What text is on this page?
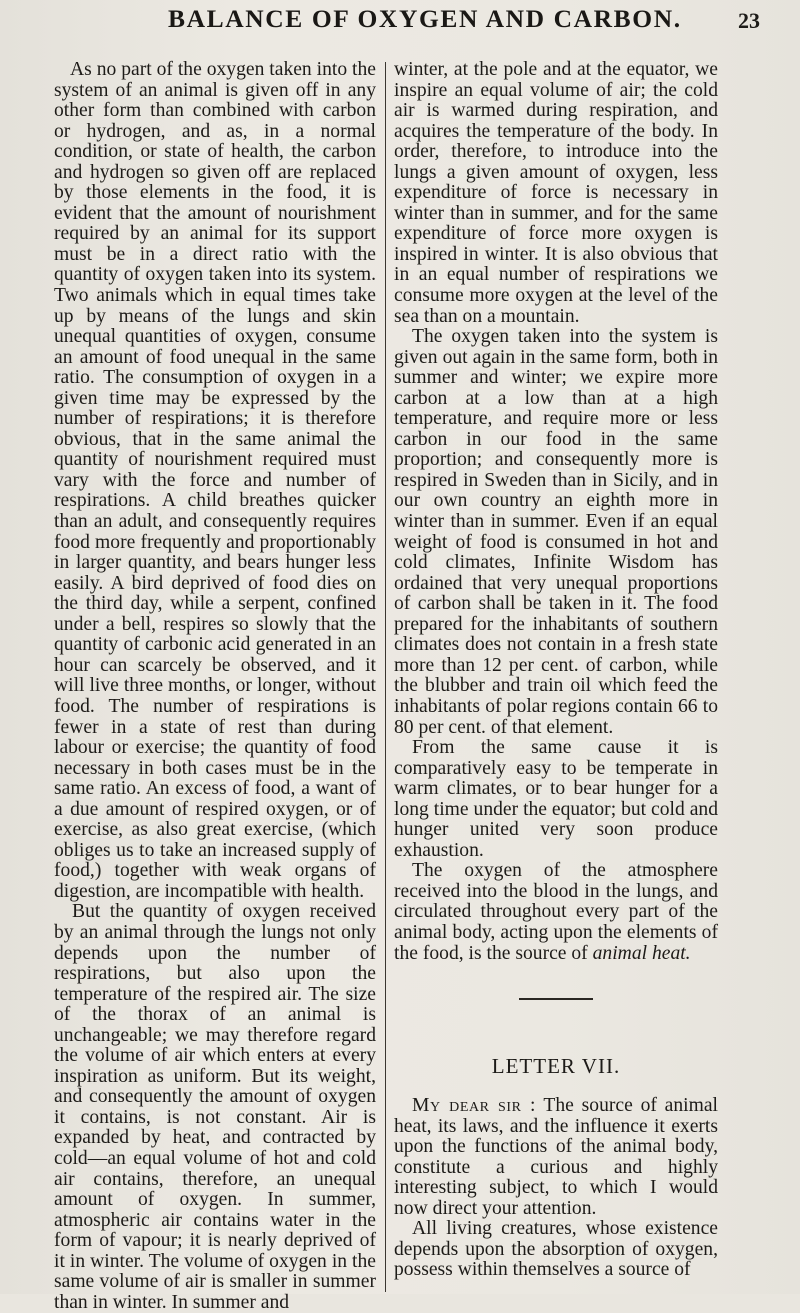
BALANCE OF OXYGEN AND CARBON.	23

As no part of the oxygen taken into the system of an animal is given off in any other form than combined with carbon or hydrogen, and as, in a normal condition, or state of health, the carbon and hydrogen so given off are replaced by those elements in the food, it is evident that the amount of nourishment required by an animal for its support must be in a direct ratio with the quantity of oxygen taken into its system. Two animals which in equal times take up by means of the lungs and skin unequal quantities of oxygen, consume an amount of food unequal in the same ratio. The consumption of oxygen in a given time may be expressed by the number of respirations; it is therefore obvious, that in the same animal the quantity of nourishment required must vary with the force and number of respirations. A child breathes quicker than an adult, and consequently requires food more frequently and proportionably in larger quantity, and bears hunger less easily. A bird deprived of food dies on the third day, while a serpent, confined under a bell, respires so slowly that the quantity of carbonic acid generated in an hour can scarcely be observed, and it will live three months, or longer, without food. The number of respirations is fewer in a state of rest than during labour or exercise; the quantity of food necessary in both cases must be in the same ratio. An excess of food, a want of a due amount of respired oxygen, or of exercise, as also great exercise, (which obliges us to take an increased supply of food,) together with weak organs of digestion, are incompatible with health.

But the quantity of oxygen received by an animal through the lungs not only depends upon the number of respirations, but also upon the temperature of the respired air. The size of the thorax of an animal is unchangeable; we may therefore regard the volume of air which enters at every inspiration as uniform. But its weight, and consequently the amount of oxygen it contains, is not constant. Air is expanded by heat, and contracted by cold—an equal volume of hot and cold air contains, therefore, an unequal amount of oxygen. In summer, atmospheric air contains water in the form of vapour; it is nearly deprived of it in winter. The volume of oxygen in the same volume of air is smaller in summer than in winter. In summer and

winter, at the pole and at the equator, we inspire an equal volume of air; the cold air is warmed during respiration, and acquires the temperature of the body. In order, therefore, to introduce into the lungs a given amount of oxygen, less expenditure of force is necessary in winter than in summer, and for the same expenditure of force more oxygen is inspired in winter. It is also obvious that in an equal number of respirations we consume more oxygen at the level of the sea than on a mountain.

The oxygen taken into the system is given out again in the same form, both in summer and winter; we expire more carbon at a low than at a high temperature, and require more or less carbon in our food in the same proportion; and consequently more is respired in Sweden than in Sicily, and in our own country an eighth more in winter than in summer. Even if an equal weight of food is consumed in hot and cold climates, Infinite Wisdom has ordained that very unequal proportions of carbon shall be taken in it. The food prepared for the inhabitants of southern climates does not contain in a fresh state more than 12 per cent. of carbon, while the blubber and train oil which feed the inhabitants of polar regions contain 66 to 80 per cent. of that element.

From the same cause it is comparatively easy to be temperate in warm climates, or to bear hunger for a long time under the equator; but cold and hunger united very soon produce exhaustion.

The oxygen of the atmosphere received into the blood in the lungs, and circulated throughout every part of the animal body, acting upon the elements of the food, is the source of animal heat.

LETTER VII.

My dear sir : The source of animal heat, its laws, and the influence it exerts upon the functions of the animal body, constitute a curious and highly interesting subject, to which I would now direct your attention.

All living creatures, whose existence depends upon the absorption of oxygen, possess within themselves a source of
